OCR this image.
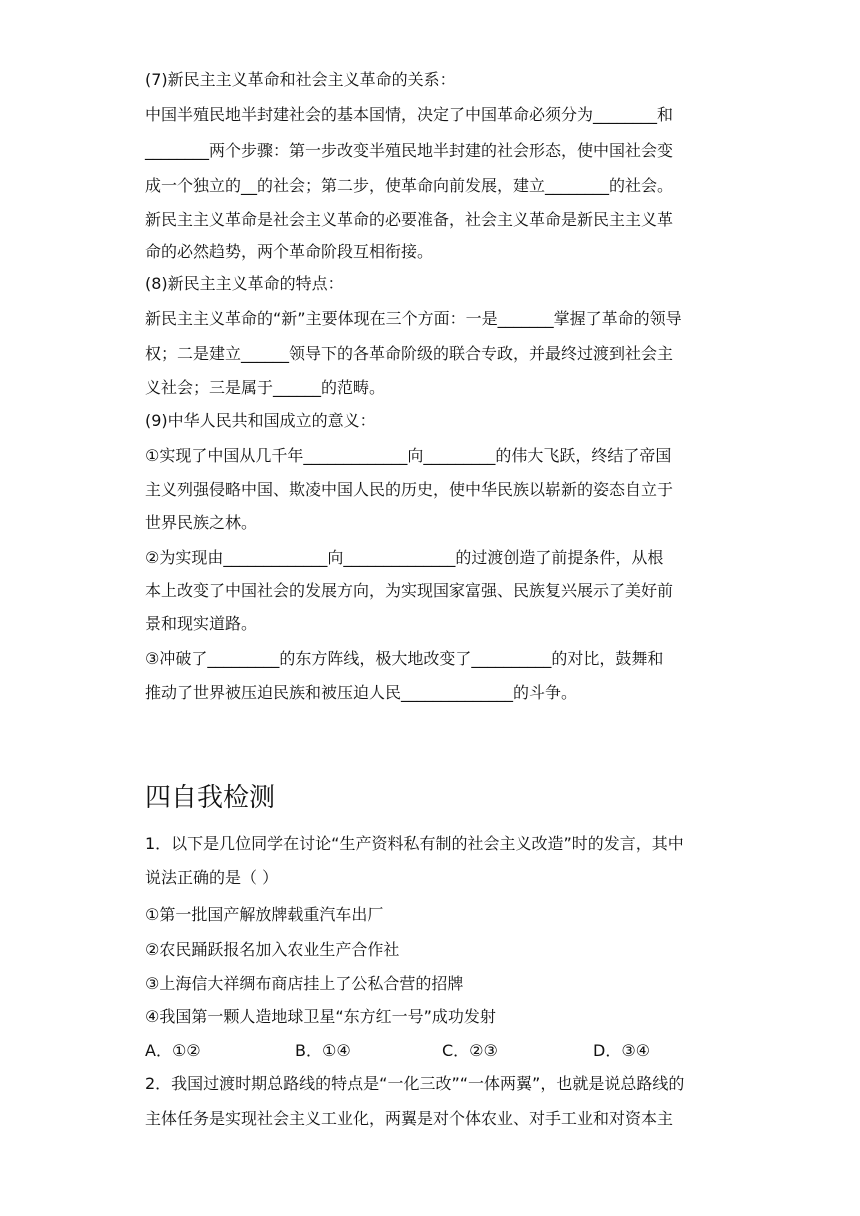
(7)新民主主义革命和社会主义革命的关系：
中国半殖民地半封建社会的基本国情，决定了中国革命必须分为________和
________两个步骤：第一步改变半殖民地半封建的社会形态，使中国社会变
成一个独立的__的社会；第二步，使革命向前发展，建立________的社会。
新民主主义革命是社会主义革命的必要准备，社会主义革命是新民主主义革
命的必然趋势，两个革命阶段互相衔接。
(8)新民主主义革命的特点：
新民主主义革命的“新”主要体现在三个方面：一是_______掌握了革命的领导
权；二是建立______领导下的各革命阶级的联合专政，并最终过渡到社会主
义社会；三是属于______的范畴。
(9)中华人民共和国成立的意义：
①实现了中国从几千年_____________向_________的伟大飞跃，终结了帝国
主义列强侵略中国、欺凌中国人民的历史，使中华民族以崭新的姿态自立于
世界民族之林。
②为实现由_____________向______________的过渡创造了前提条件，从根
本上改变了中国社会的发展方向，为实现国家富强、民族复兴展示了美好前
景和现实道路。
③冲破了_________的东方阵线，极大地改变了__________的对比，鼓舞和
推动了世界被压迫民族和被压迫人民______________的斗争。
四自我检测
1．以下是几位同学在讨论“生产资料私有制的社会主义改造”时的发言，其中
说法正确的是（ ）
①第一批国产解放牌载重汽车出厂
②农民踊跃报名加入农业生产合作社
③上海信大祥绸布商店挂上了公私合营的招牌
④我国第一颗人造地球卫星“东方红一号”成功发射
A．①②	B．①④	C．②③	D．③④
2．我国过渡时期总路线的特点是“一化三改”“一体两翼”，也就是说总路线的
主体任务是实现社会主义工业化，两翼是对个体农业、对手工业和对资本主
